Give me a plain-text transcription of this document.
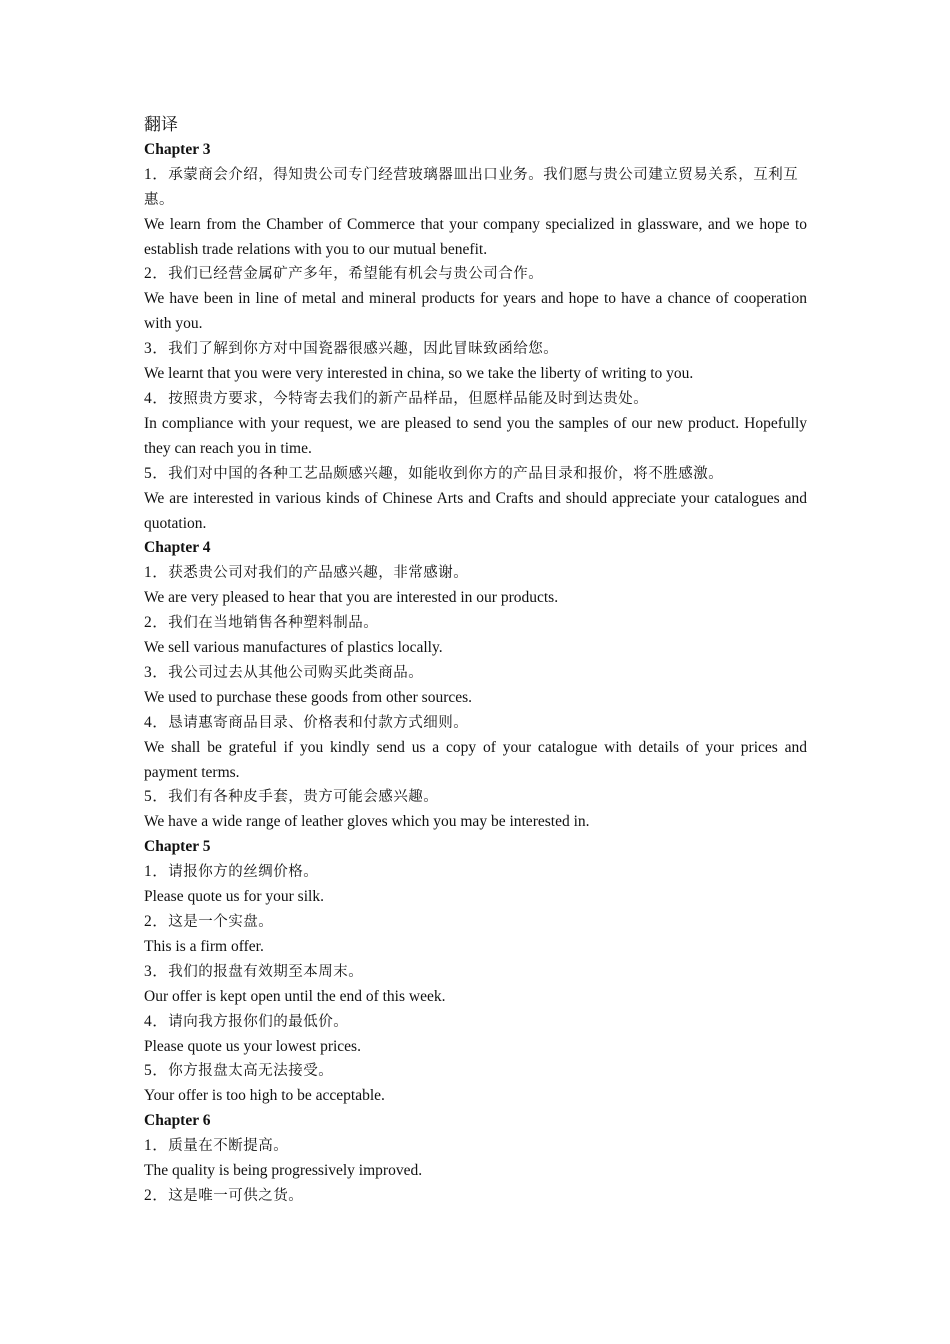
翻译

Chapter 3

1．承蒙商会介绍，得知贵公司专门经营玻璃器皿出口业务。我们愿与贵公司建立贸易关系，互利互惠。

We learn from the Chamber of Commerce that your company specialized in glassware, and we hope to establish trade relations with you to our mutual benefit.

2．我们已经营金属矿产多年，希望能有机会与贵公司合作。

We have been in line of metal and mineral products for years and hope to have a chance of cooperation with you.

3．我们了解到你方对中国瓷器很感兴趣，因此冒昧致函给您。

We learnt that you were very interested in china, so we take the liberty of writing to you.

4．按照贵方要求，今特寄去我们的新产品样品，但愿样品能及时到达贵处。

In compliance with your request, we are pleased to send you the samples of our new product. Hopefully they can reach you in time.

5．我们对中国的各种工艺品颇感兴趣，如能收到你方的产品目录和报价，将不胜感激。

We are interested in various kinds of Chinese Arts and Crafts and should appreciate your catalogues and quotation.

Chapter 4

1．获悉贵公司对我们的产品感兴趣，非常感谢。

We are very pleased to hear that you are interested in our products.

2．我们在当地销售各种塑料制品。

We sell various manufactures of plastics locally.

3．我公司过去从其他公司购买此类商品。

We used to purchase these goods from other sources.

4．恳请惠寄商品目录、价格表和付款方式细则。

We shall be grateful if you kindly send us a copy of your catalogue with details of your prices and payment terms.

5．我们有各种皮手套，贵方可能会感兴趣。

We have a wide range of leather gloves which you may be interested in.

Chapter 5

1．请报你方的丝绸价格。

Please quote us for your silk.

2．这是一个实盘。

This is a firm offer.

3．我们的报盘有效期至本周末。

Our offer is kept open until the end of this week.

4．请向我方报你们的最低价。

Please quote us your lowest prices.

5．你方报盘太高无法接受。

Your offer is too high to be acceptable.

Chapter 6

1．质量在不断提高。

The quality is being progressively improved.

2．这是唯一可供之货。
